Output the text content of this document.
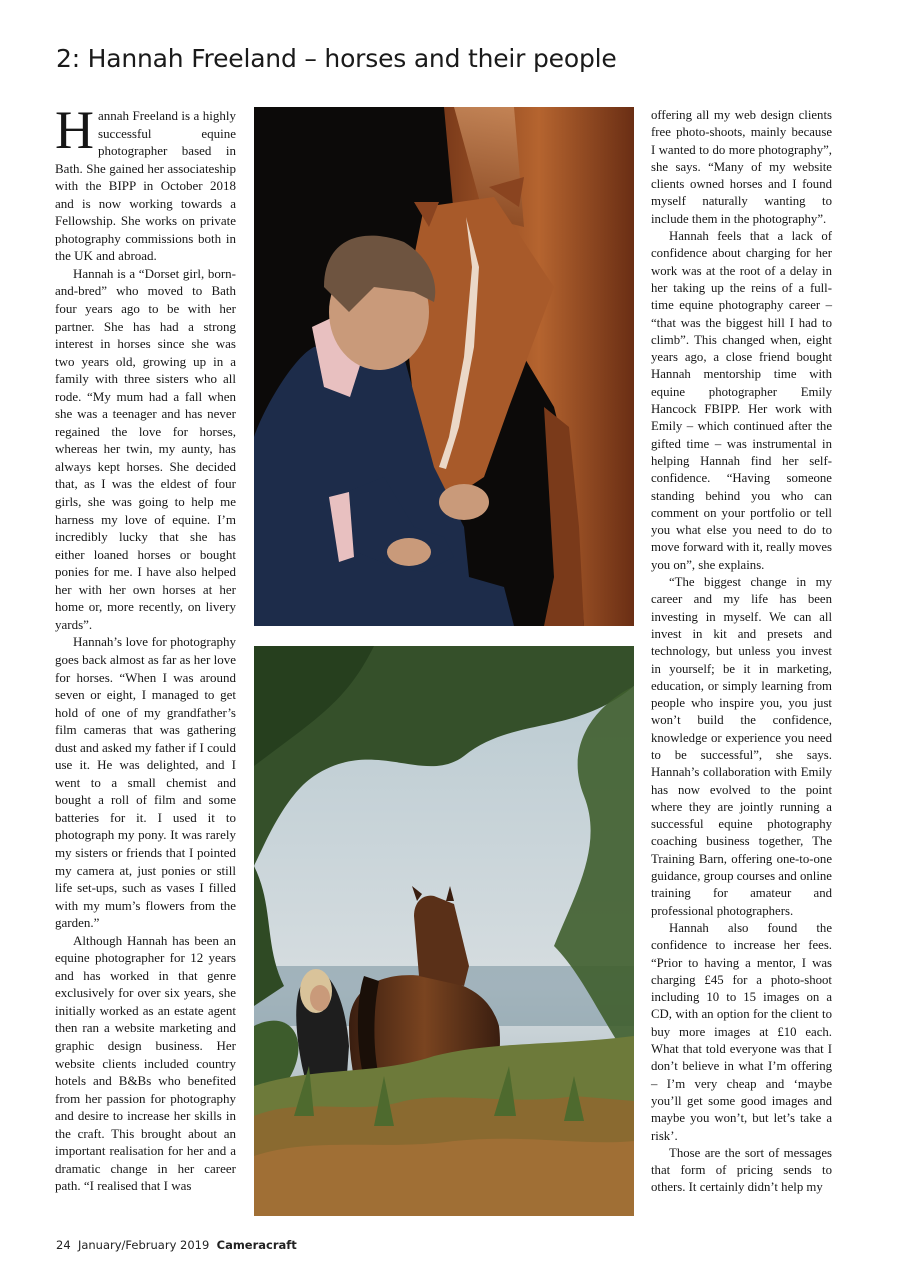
2: Hannah Freeland – horses and their people

Hannah Freeland is a highly successful equine photographer based in Bath. She gained her associateship with the BIPP in October 2018 and is now working towards a Fellowship. She works on private photography commissions both in the UK and abroad.

Hannah is a “Dorset girl, born-and-bred” who moved to Bath four years ago to be with her partner. She has had a strong interest in horses since she was two years old, growing up in a family with three sisters who all rode. “My mum had a fall when she was a teenager and has never regained the love for horses, whereas her twin, my aunty, has always kept horses. She decided that, as I was the eldest of four girls, she was going to help me harness my love of equine. I’m incredibly lucky that she has either loaned horses or bought ponies for me. I have also helped her with her own horses at her home or, more recently, on livery yards”.

Hannah’s love for photography goes back almost as far as her love for horses. “When I was around seven or eight, I managed to get hold of one of my grandfather’s film cameras that was gathering dust and asked my father if I could use it. He was delighted, and I went to a small chemist and bought a roll of film and some batteries for it. I used it to photograph my pony. It was rarely my sisters or friends that I pointed my camera at, just ponies or still life set-ups, such as vases I filled with my mum’s flowers from the garden.”

Although Hannah has been an equine photographer for 12 years and has worked in that genre exclusively for over six years, she initially worked as an estate agent then ran a website marketing and graphic design business. Her website clients included country hotels and B&Bs who benefited from her passion for photography and desire to increase her skills in the craft. This brought about an important realisation for her and a dramatic change in her career path. “I realised that I was

offering all my web design clients free photo-shoots, mainly because I wanted to do more photography”, she says. “Many of my website clients owned horses and I found myself naturally wanting to include them in the photography”.

Hannah feels that a lack of confidence about charging for her work was at the root of a delay in her taking up the reins of a full-time equine photography career – “that was the biggest hill I had to climb”. This changed when, eight years ago, a close friend bought Hannah mentorship time with equine photographer Emily Hancock FBIPP. Her work with Emily – which continued after the gifted time – was instrumental in helping Hannah find her self-confidence. “Having someone standing behind you who can comment on your portfolio or tell you what else you need to do to move forward with it, really moves you on”, she explains.

“The biggest change in my career and my life has been investing in myself. We can all invest in kit and presets and technology, but unless you invest in yourself; be it in marketing, education, or simply learning from people who inspire you, you just won’t build the confidence, knowledge or experience you need to be successful”, she says. Hannah’s collaboration with Emily has now evolved to the point where they are jointly running a successful equine photography coaching business together, The Training Barn, offering one-to-one guidance, group courses and online training for amateur and professional photographers.

Hannah also found the confidence to increase her fees. “Prior to having a mentor, I was charging £45 for a photo-shoot including 10 to 15 images on a CD, with an option for the client to buy more images at £10 each. What that told everyone was that I don’t believe in what I’m offering – I’m very cheap and ‘maybe you’ll get some good images and maybe you won’t, but let’s take a risk’.

Those are the sort of messages that form of pricing sends to others. It certainly didn’t help my

24 January/February 2019 Cameracraft
